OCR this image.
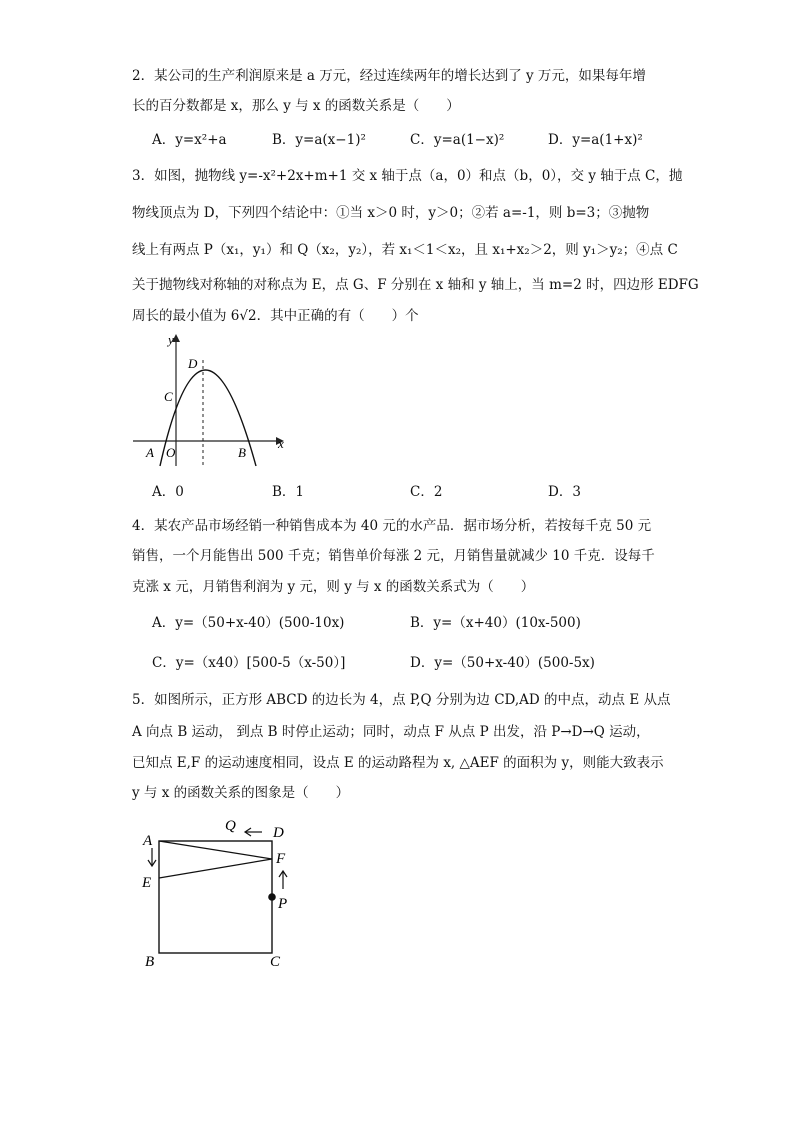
2．某公司的生产利润原来是 a 万元，经过连续两年的增长达到了 y 万元，如果每年增
长的百分数都是 x，那么 y 与 x 的函数关系是（　　）
A．y=x²+a	B．y=a(x−1)²	C．y=a(1−x)²	D．y=a(1+x)²
3．如图，抛物线 y=-x²+2x+m+1 交 x 轴于点（a，0）和点（b，0），交 y 轴于点 C，抛
物线顶点为 D，下列四个结论中：①当 x＞0 时，y＞0；②若 a=-1，则 b=3；③抛物
线上有两点 P（x₁，y₁）和 Q（x₂，y₂），若 x₁＜1＜x₂，且 x₁+x₂＞2，则 y₁＞y₂；④点 C
关于抛物线对称轴的对称点为 E，点 G、F 分别在 x 轴和 y 轴上，当 m=2 时，四边形 EDFG
周长的最小值为 6√2．其中正确的有（　　）个
y
x
D
C
A O	B
A．0	B．1	C．2	D．3
4．某农产品市场经销一种销售成本为 40 元的水产品．据市场分析，若按每千克 50 元
销售，一个月能售出 500 千克；销售单价每涨 2 元，月销售量就减少 10 千克．设每千
克涨 x 元，月销售利润为 y 元，则 y 与 x 的函数关系式为（　　）
A．y=（50+x-40）(500-10x)	B．y=（x+40）(10x-500)
C．y=（x40）[500-5（x-50）]	D．y=（50+x-40）(500-5x)
5．如图所示，正方形 ABCD 的边长为 4，点 P,Q 分别为边 CD,AD 的中点，动点 E 从点
A 向点 B 运动， 到点 B 时停止运动；同时，动点 F 从点 P 出发，沿 P→D→Q 运动，
已知点 E,F 的运动速度相同，设点 E 的运动路程为 x, △AEF 的面积为 y，则能大致表示
y 与 x 的函数关系的图象是（　　）
A
E
B	C
D
Q
F
P
